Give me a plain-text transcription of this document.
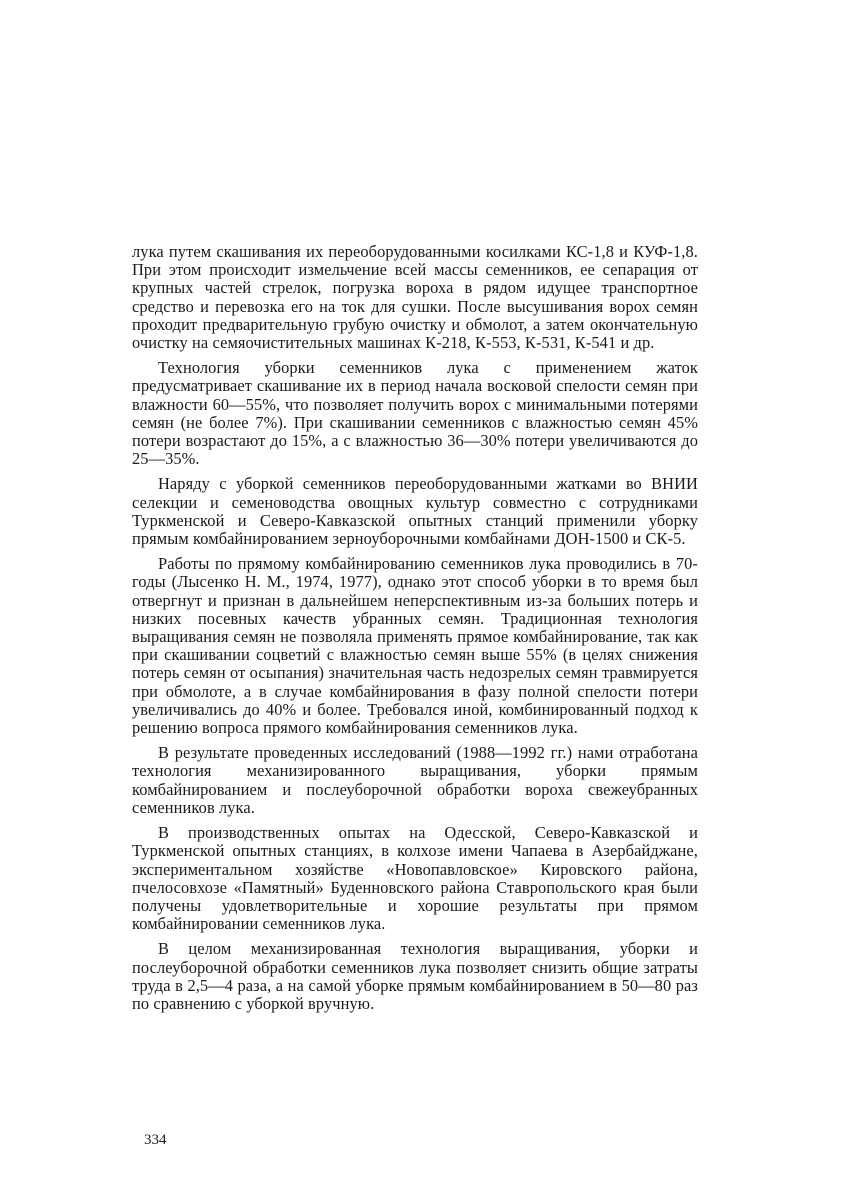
лука путем скашивания их переоборудованными косилками КС-1,8 и КУФ-1,8. При этом происходит измельчение всей массы семенников, ее сепарация от крупных частей стрелок, погрузка вороха в рядом идущее транспортное средство и перевозка его на ток для сушки. После высушивания ворох семян проходит предварительную грубую очистку и обмолот, а затем окончательную очистку на семяочистительных машинах К-218, К-553, К-531, К-541 и др.

Технология уборки семенников лука с применением жаток предусматривает скашивание их в период начала восковой спелости семян при влажности 60—55%, что позволяет получить ворох с минимальными потерями семян (не более 7%). При скашивании семенников с влажностью семян 45% потери возрастают до 15%, а с влажностью 36—30% потери увеличиваются до 25—35%.

Наряду с уборкой семенников переоборудованными жатками во ВНИИ селекции и семеноводства овощных культур совместно с сотрудниками Туркменской и Северо-Кавказской опытных станций применили уборку прямым комбайнированием зерноуборочными комбайнами ДОН-1500 и СК-5.

Работы по прямому комбайнированию семенников лука проводились в 70-годы (Лысенко Н. М., 1974, 1977), однако этот способ уборки в то время был отвергнут и признан в дальнейшем неперспективным из-за больших потерь и низких посевных качеств убранных семян. Традиционная технология выращивания семян не позволяла применять прямое комбайнирование, так как при скашивании соцветий с влажностью семян выше 55% (в целях снижения потерь семян от осыпания) значительная часть недозрелых семян травмируется при обмолоте, а в случае комбайнирования в фазу полной спелости потери увеличивались до 40% и более. Требовался иной, комбинированный подход к решению вопроса прямого комбайнирования семенников лука.

В результате проведенных исследований (1988—1992 гг.) нами отработана технология механизированного выращивания, уборки прямым комбайнированием и послеуборочной обработки вороха свежеубранных семенников лука.

В производственных опытах на Одесской, Северо-Кавказской и Туркменской опытных станциях, в колхозе имени Чапаева в Азербайджане, экспериментальном хозяйстве «Новопавловское» Кировского района, пчелосовхозе «Памятный» Буденновского района Ставропольского края были получены удовлетворительные и хорошие результаты при прямом комбайнировании семенников лука.

В целом механизированная технология выращивания, уборки и послеуборочной обработки семенников лука позволяет снизить общие затраты труда в 2,5—4 раза, а на самой уборке прямым комбайнированием в 50—80 раз по сравнению с уборкой вручную.

334
